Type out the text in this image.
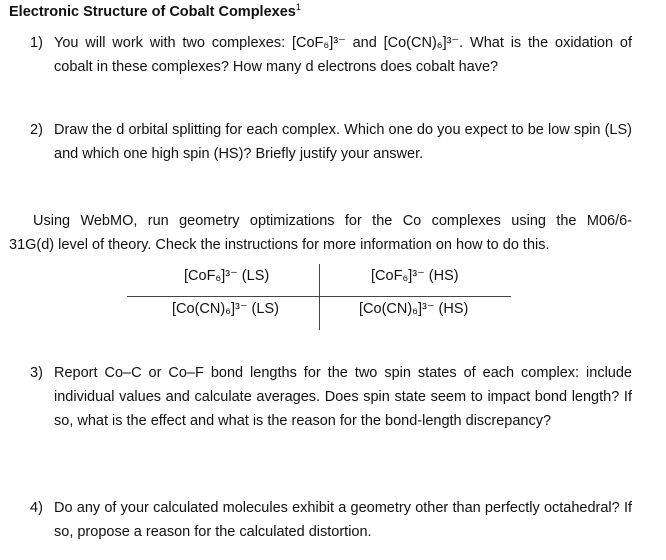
Electronic Structure of Cobalt Complexes$^1$
1) You will work with two complexes: [CoF₆]³⁻ and [Co(CN)₆]³⁻. What is the oxidation of cobalt in these complexes? How many d electrons does cobalt have?
2) Draw the d orbital splitting for each complex. Which one do you expect to be low spin (LS) and which one high spin (HS)? Briefly justify your answer.
Using WebMO, run geometry optimizations for the Co complexes using the M06/6-
31G(d) level of theory. Check the instructions for more information on how to do this.
[CoF₆]³⁻ (LS)	[CoF₆]³⁻ (HS)
[Co(CN)₆]³⁻ (LS)	[Co(CN)₆]³⁻ (HS)
3) Report Co–C or Co–F bond lengths for the two spin states of each complex: include individual values and calculate averages. Does spin state seem to impact bond length? If so, what is the effect and what is the reason for the bond-length discrepancy?
4) Do any of your calculated molecules exhibit a geometry other than perfectly octahedral? If so, propose a reason for the calculated distortion.
